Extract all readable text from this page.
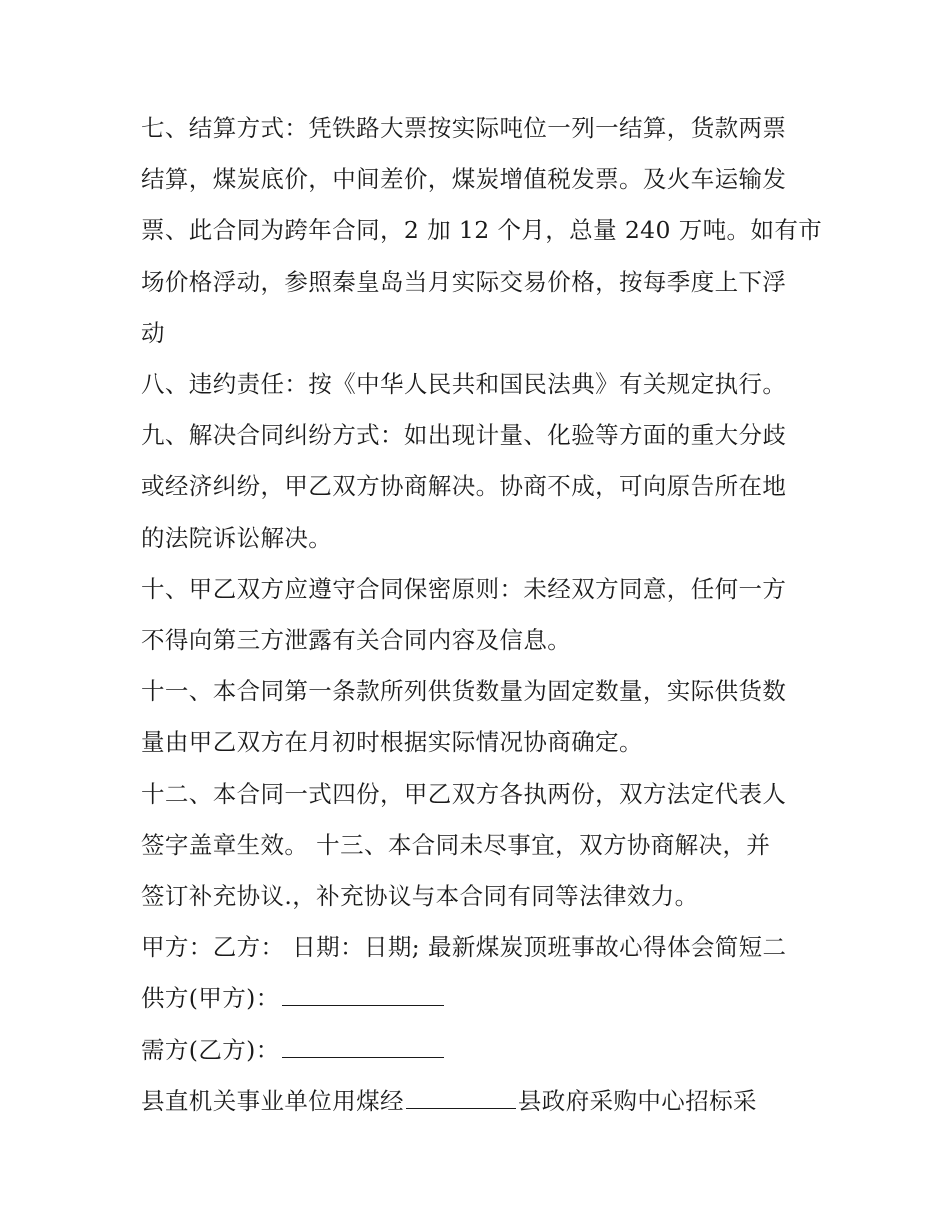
七、结算方式：凭铁路大票按实际吨位一列一结算，货款两票

结算，煤炭底价，中间差价，煤炭增值税发票。及火车运输发

票、此合同为跨年合同，2 加 12 个月，总量 240 万吨。如有市

场价格浮动，参照秦皇岛当月实际交易价格，按每季度上下浮

动

八、违约责任：按《中华人民共和国民法典》有关规定执行。

九、解决合同纠纷方式：如出现计量、化验等方面的重大分歧

或经济纠纷，甲乙双方协商解决。协商不成，可向原告所在地

的法院诉讼解决。

十、甲乙双方应遵守合同保密原则：未经双方同意，任何一方

不得向第三方泄露有关合同内容及信息。

十一、本合同第一条款所列供货数量为固定数量，实际供货数

量由甲乙双方在月初时根据实际情况协商确定。

十二、本合同一式四份，甲乙双方各执两份，双方法定代表人

签字盖章生效。 十三、本合同未尽事宜，双方协商解决，并

签订补充协议.，补充协议与本合同有同等法律效力。

甲方：乙方： 日期：日期; 最新煤炭顶班事故心得体会简短二

供方(甲方)：

需方(乙方)：

县直机关事业单位用煤经	县政府采购中心招标采
